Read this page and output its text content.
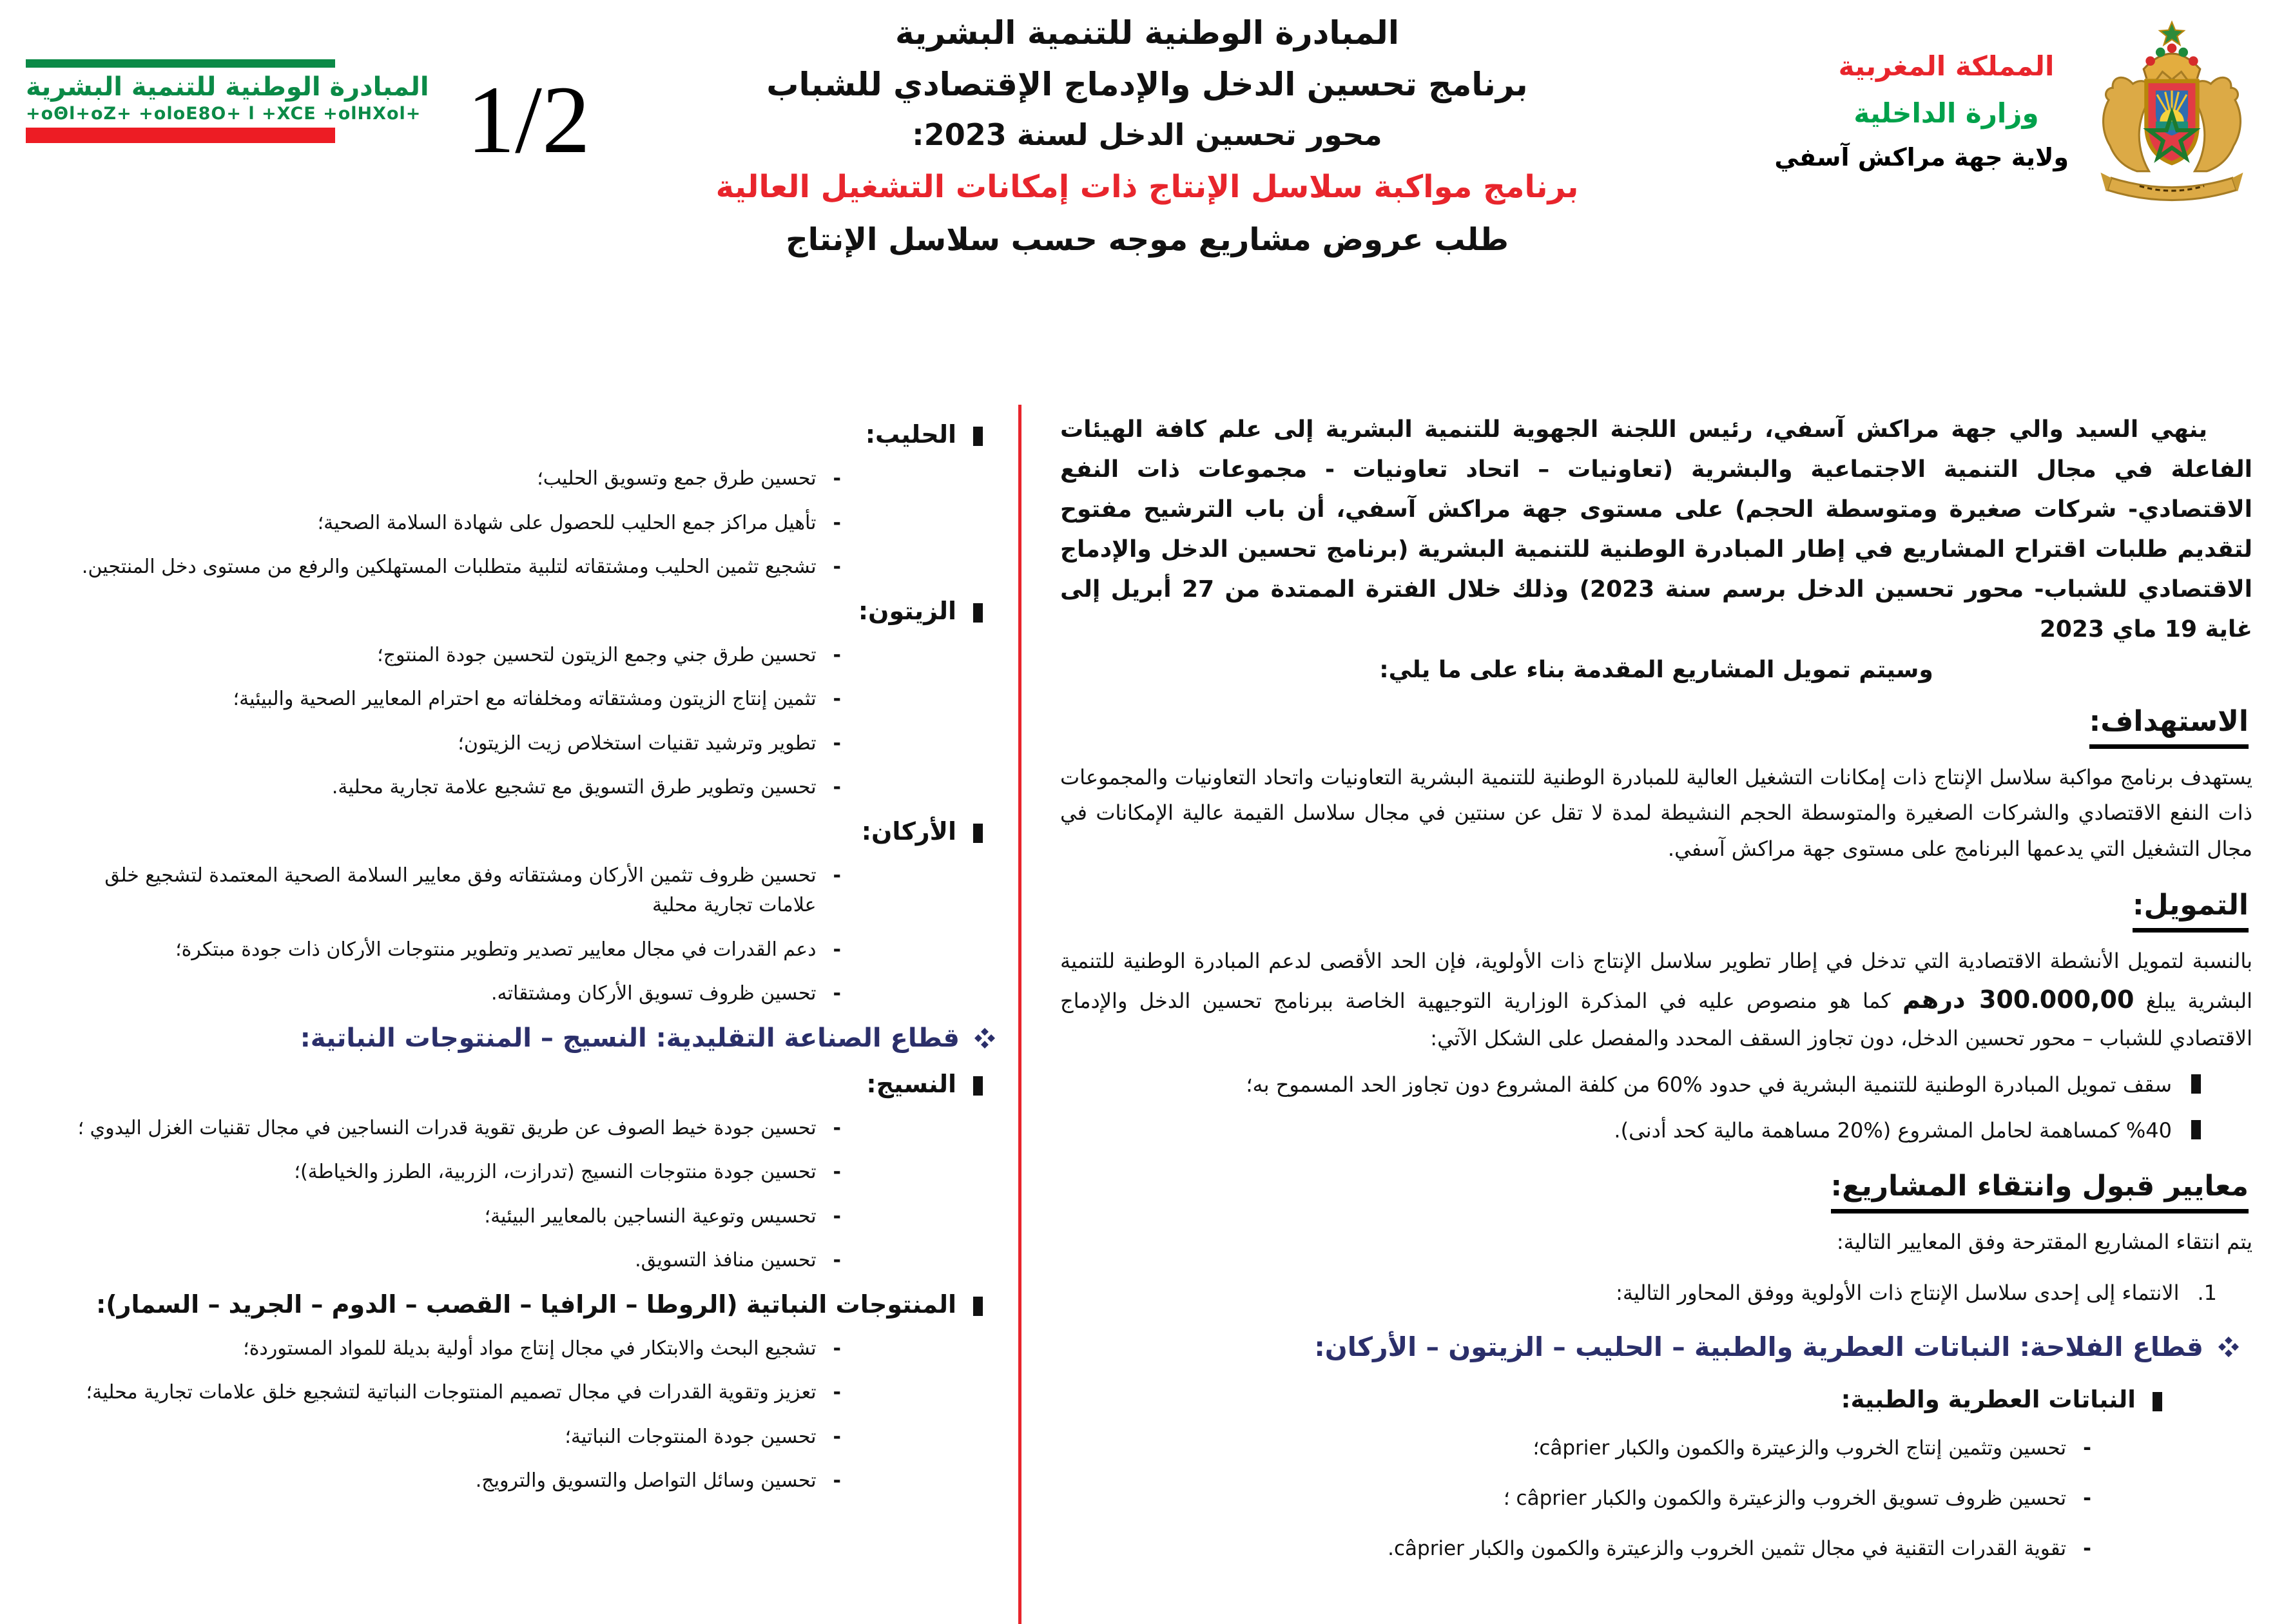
المبادرة الوطنية للتنمية البشرية
+oΘl+oZ+ +oloE8O+ l +XCE +olHXol+ 1/2
المبادرة الوطنية للتنمية البشرية
برنامج تحسين الدخل والإدماج الإقتصادي للشباب
محور تحسين الدخل لسنة 2023:
برنامج مواكبة سلاسل الإنتاج ذات إمكانات التشغيل العالية
طلب عروض مشاريع موجه حسب سلاسل الإنتاج
المملكة المغربية
وزارة الداخلية
ولاية جهة مراكش آسفي

ينهي السيد والي جهة مراكش آسفي، رئيس اللجنة الجهوية للتنمية البشرية إلى علم كافة الهيئات الفاعلة في مجال التنمية الاجتماعية والبشرية (تعاونيات – اتحاد تعاونيات - مجموعات ذات النفع الاقتصادي- شركات صغيرة ومتوسطة الحجم) على مستوى جهة مراكش آسفي، أن باب الترشيح مفتوح لتقديم طلبات اقتراح المشاريع في إطار المبادرة الوطنية للتنمية البشرية (برنامج تحسين الدخل والإدماج الاقتصادي للشباب- محور تحسين الدخل برسم سنة 2023) وذلك خلال الفترة الممتدة من 27 أبريل إلى غاية 19 ماي 2023

وسيتم تمويل المشاريع المقدمة بناء على ما يلي:

الاستهداف:

يستهدف برنامج مواكبة سلاسل الإنتاج ذات إمكانات التشغيل العالية للمبادرة الوطنية للتنمية البشرية التعاونيات واتحاد التعاونيات والمجموعات ذات النفع الاقتصادي والشركات الصغيرة والمتوسطة الحجم النشيطة لمدة لا تقل عن سنتين في مجال سلاسل القيمة عالية الإمكانات في مجال التشغيل التي يدعمها البرنامج على مستوى جهة مراكش آسفي.

التمويل:

بالنسبة لتمويل الأنشطة الاقتصادية التي تدخل في إطار تطوير سلاسل الإنتاج ذات الأولوية، فإن الحد الأقصى لدعم المبادرة الوطنية للتنمية البشرية يبلغ 300.000,00 درهم كما هو منصوص عليه في المذكرة الوزارية التوجيهية الخاصة ببرنامج تحسين الدخل والإدماج الاقتصادي للشباب – محور تحسين الدخل، دون تجاوز السقف المحدد والمفصل على الشكل الآتي:

سقف تمويل المبادرة الوطنية للتنمية البشرية في حدود %60 من كلفة المشروع دون تجاوز الحد المسموح به؛
%40 كمساهمة لحامل المشروع (%20 مساهمة مالية كحد أدنى).
معايير قبول وانتقاء المشاريع:

يتم انتقاء المشاريع المقترحة وفق المعايير التالية:

1.
الانتماء إلى إحدى سلاسل الإنتاج ذات الأولوية ووفق المحاور التالية:
قطاع الفلاحة: النباتات العطرية والطبية – الحليب – الزيتون – الأركان:
النباتات العطرية والطبية:
-
تحسين وتثمين إنتاج الخروب والزعيترة والكمون والكبار câprier؛
-
تحسين ظروف تسويق الخروب والزعيترة والكمون والكبار câprier ؛
-
تقوية القدرات التقنية في مجال تثمين الخروب والزعيترة والكمون والكبار câprier.
الحليب:
-
تحسين طرق جمع وتسويق الحليب؛
-
تأهيل مراكز جمع الحليب للحصول على شهادة السلامة الصحية؛
-
تشجيع تثمين الحليب ومشتقاته لتلبية متطلبات المستهلكين والرفع من مستوى دخل المنتجين.
الزيتون:
-
تحسين طرق جني وجمع الزيتون لتحسين جودة المنتوج؛
-
تثمين إنتاج الزيتون ومشتقاته ومخلفاته مع احترام المعايير الصحية والبيئية؛
-
تطوير وترشيد تقنيات استخلاص زيت الزيتون؛
-
تحسين وتطوير طرق التسويق مع تشجيع علامة تجارية محلية.
الأركان:
-
تحسين ظروف تثمين الأركان ومشتقاته وفق معايير السلامة الصحية المعتمدة لتشجيع خلق علامات تجارية محلية
-
دعم القدرات في مجال معايير تصدير وتطوير منتوجات الأركان ذات جودة مبتكرة؛
-
تحسين ظروف تسويق الأركان ومشتقاته.
قطاع الصناعة التقليدية: النسيج – المنتوجات النباتية:
النسيج:
-
تحسين جودة خيط الصوف عن طريق تقوية قدرات النساجين في مجال تقنيات الغزل اليدوي ؛
-
تحسين جودة منتوجات النسيج (تدرازت، الزربية، الطرز والخياطة)؛
-
تحسيس وتوعية النساجين بالمعايير البيئية؛
-
تحسين منافذ التسويق.
المنتوجات النباتية (الروطا – الرافيا – القصب – الدوم – الجريد – السمار):
-
تشجيع البحث والابتكار في مجال إنتاج مواد أولية بديلة للمواد المستوردة؛
-
تعزيز وتقوية القدرات في مجال تصميم المنتوجات النباتية لتشجيع خلق علامات تجارية محلية؛
-
تحسين جودة المنتوجات النباتية؛
-
تحسين وسائل التواصل والتسويق والترويج.
